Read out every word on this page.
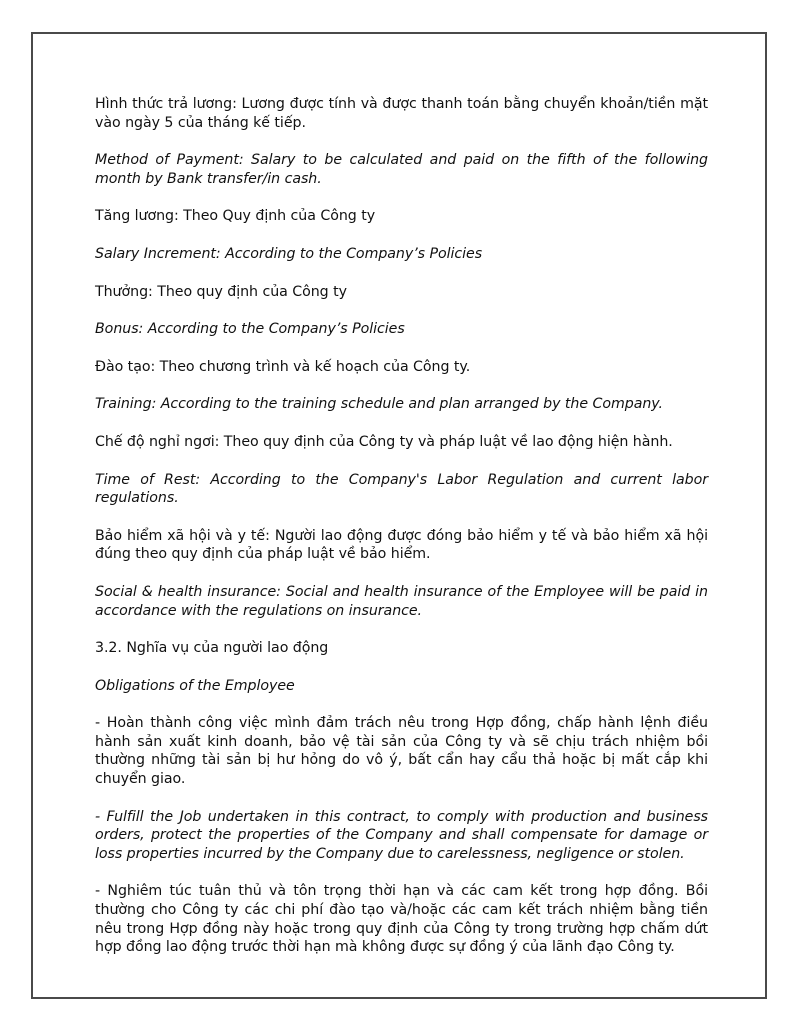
Hình thức trả lương: Lương được tính và được thanh toán bằng chuyển khoản/tiền mặt vào ngày 5 của tháng kế tiếp.

Method of Payment: Salary to be calculated and paid on the fifth of the following month by Bank transfer/in cash.

Tăng lương: Theo Quy định của Công ty

Salary Increment: According to the Company’s Policies

Thưởng: Theo quy định của Công ty

Bonus: According to the Company’s Policies

Đào tạo: Theo chương trình và kế hoạch của Công ty.

Training: According to the training schedule and plan arranged by the Company.

Chế độ nghỉ ngơi: Theo quy định của Công ty và pháp luật về lao động hiện hành.

Time of Rest: According to the Company's Labor Regulation and current labor regulations.

Bảo hiểm xã hội và y tế: Người lao động được đóng bảo hiểm y tế và bảo hiểm xã hội đúng theo quy định của pháp luật về bảo hiểm.

Social & health insurance: Social and health insurance of the Employee will be paid in accordance with the regulations on insurance.

3.2. Nghĩa vụ của người lao động

Obligations of the Employee

- Hoàn thành công việc mình đảm trách nêu trong Hợp đồng, chấp hành lệnh điều hành sản xuất kinh doanh, bảo vệ tài sản của Công ty và sẽ chịu trách nhiệm bồi thường những tài sản bị hư hỏng do vô ý, bất cẩn hay cẩu thả hoặc bị mất cắp khi chuyển giao.

- Fulfill the Job undertaken in this contract, to comply with production and business orders, protect the properties of the Company and shall compensate for damage or loss properties incurred by the Company due to carelessness, negligence or stolen.

- Nghiêm túc tuân thủ và tôn trọng thời hạn và các cam kết trong hợp đồng. Bồi thường cho Công ty các chi phí đào tạo và/hoặc các cam kết trách nhiệm bằng tiền nêu trong Hợp đồng này hoặc trong quy định của Công ty trong trường hợp chấm dứt hợp đồng lao động trước thời hạn mà không được sự đồng ý của lãnh đạo Công ty.
